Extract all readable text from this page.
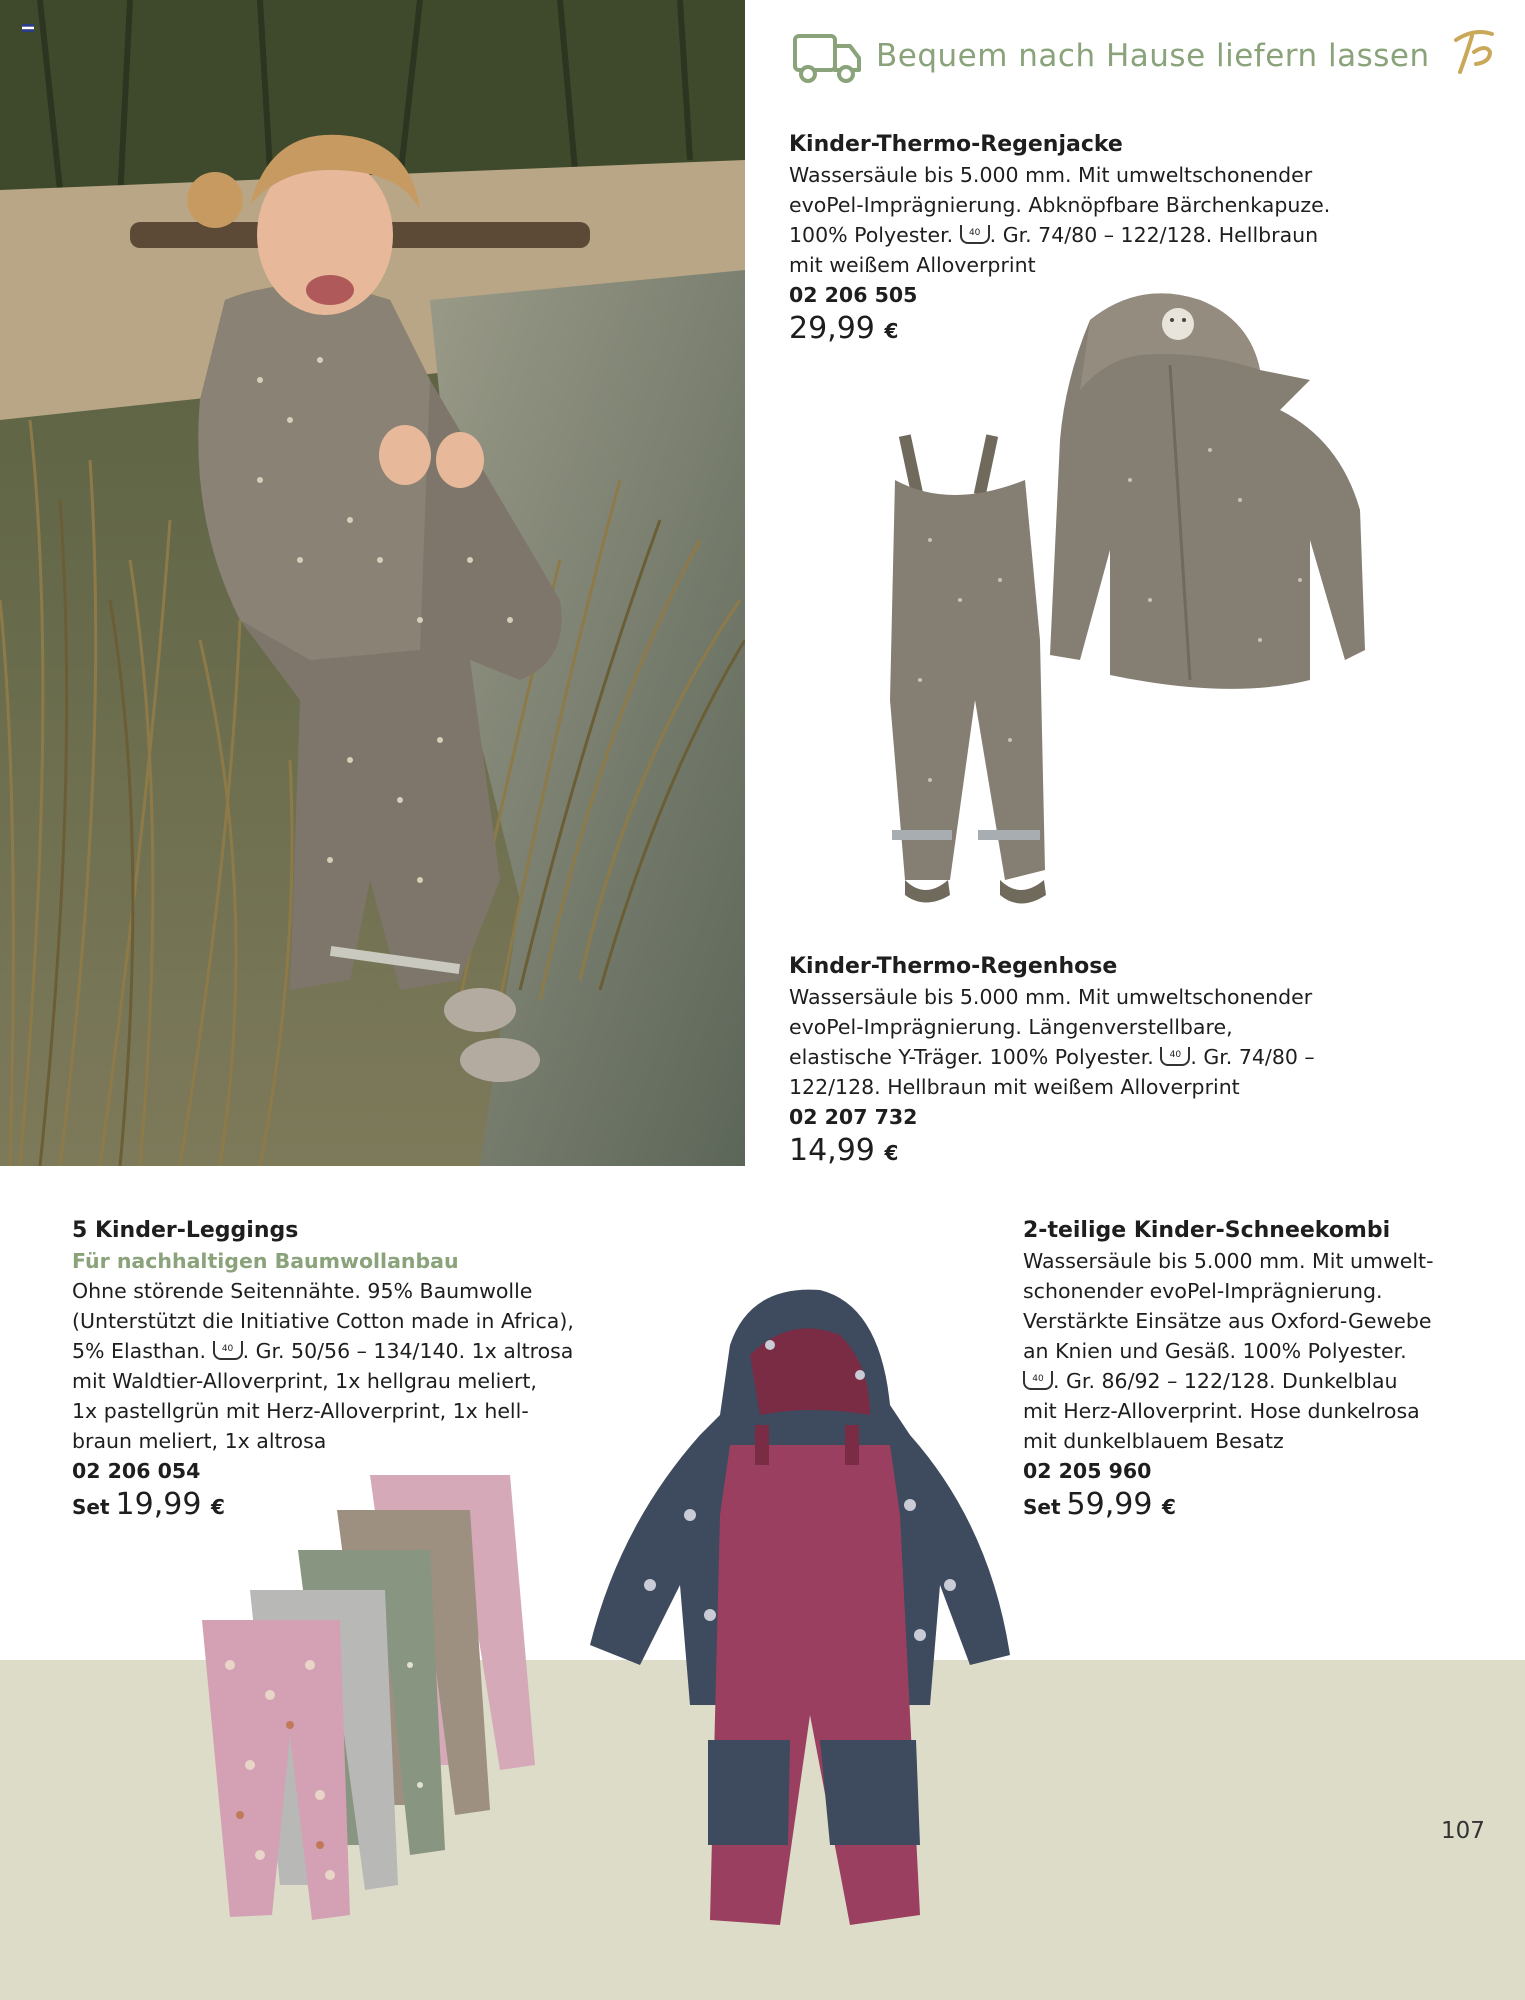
Bequem nach Hause liefern lassen
Kinder-Thermo-Regenjacke
Wassersäule bis 5.000 mm. Mit umweltschonender
evoPel-Imprägnierung. Abknöpfbare Bärchenkapuze.
100% Polyester. 40 . Gr. 74/80 – 122/128. Hellbraun
mit weißem Alloverprint
02 206 505
29,99 €
Kinder-Thermo-Regenhose
Wassersäule bis 5.000 mm. Mit umweltschonender
evoPel-Imprägnierung. Längenverstellbare,
elastische Y-Träger. 100% Polyester. 40 . Gr. 74/80 –
122/128. Hellbraun mit weißem Alloverprint
02 207 732
14,99 €
5 Kinder-Leggings
Für nachhaltigen Baumwollanbau
Ohne störende Seitennähte. 95% Baumwolle
(Unterstützt die Initiative Cotton made in Africa),
5% Elasthan. 40 . Gr. 50/56 – 134/140. 1x altrosa
mit Waldtier-Alloverprint, 1x hellgrau meliert,
1x pastellgrün mit Herz-Alloverprint, 1x hell-
braun meliert, 1x altrosa
02 206 054
Set 19,99 €
2-teilige Kinder-Schneekombi
Wassersäule bis 5.000 mm. Mit umwelt-
schonender evoPel-Imprägnierung.
Verstärkte Einsätze aus Oxford-Gewebe
an Knien und Gesäß. 100% Polyester.
40 . Gr. 86/92 – 122/128. Dunkelblau
mit Herz-Alloverprint. Hose dunkelrosa
mit dunkelblauem Besatz
02 205 960
Set 59,99 €
107
